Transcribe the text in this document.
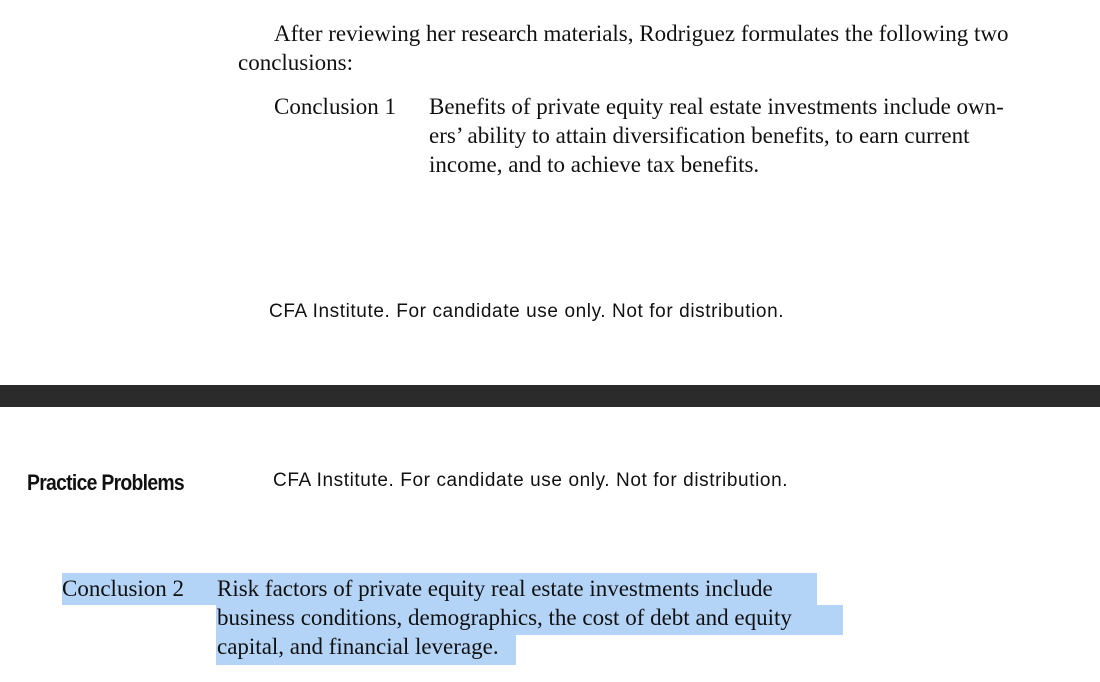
After reviewing her research materials, Rodriguez formulates the following two
conclusions:
Conclusion 1 Benefits of private equity real estate investments include own-
ers’ ability to attain diversification benefits, to earn current
income, and to achieve tax benefits.
CFA Institute. For candidate use only. Not for distribution.
Practice Problems	CFA Institute. For candidate use only. Not for distribution.
Conclusion 2 Risk factors of private equity real estate investments include
business conditions, demographics, the cost of debt and equity
capital, and financial leverage.
